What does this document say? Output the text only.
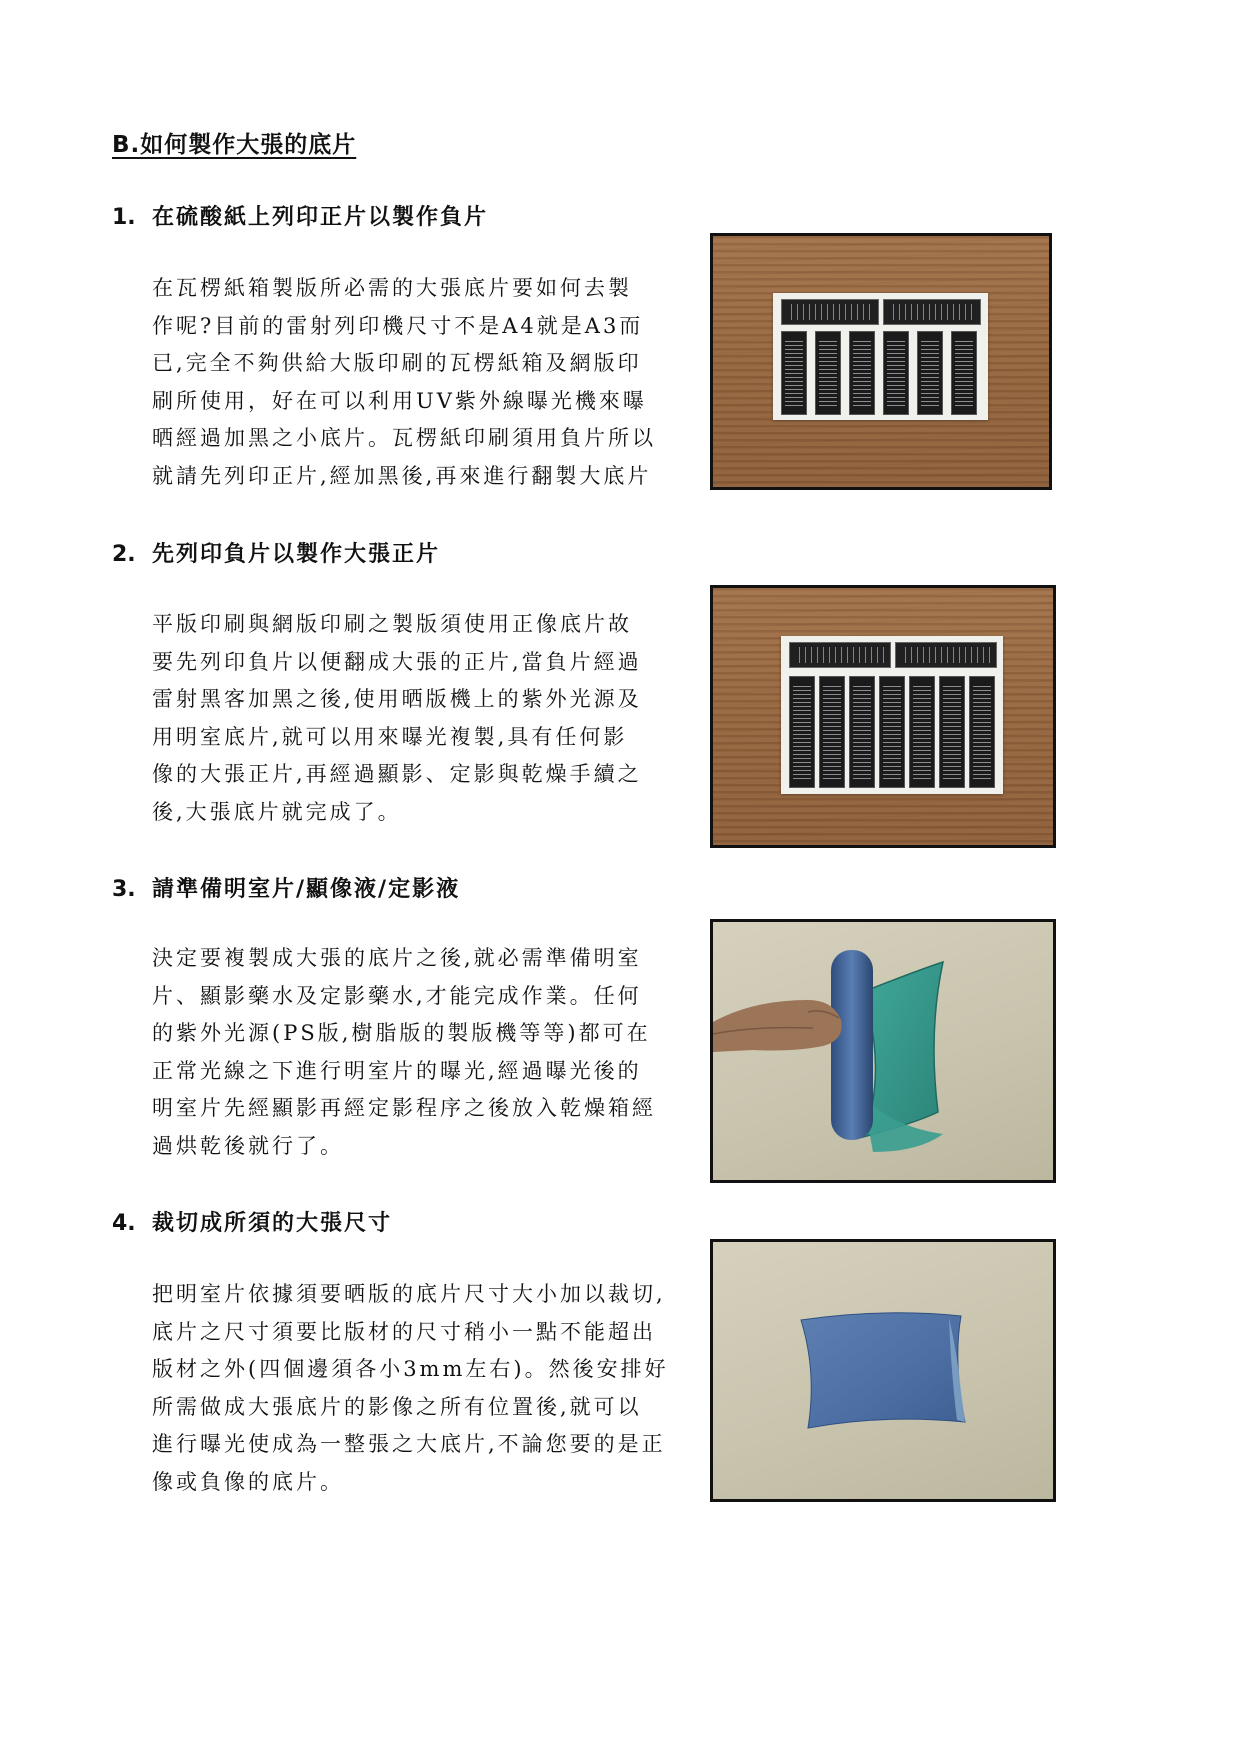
B.如何製作大張的底片
1. 在硫酸紙上列印正片以製作負片

在瓦楞紙箱製版所必需的大張底片要如何去製
作呢?目前的雷射列印機尺寸不是A4就是A3而
已,完全不夠供給大版印刷的瓦楞紙箱及網版印
刷所使用，好在可以利用UV紫外線曝光機來曝
晒經過加黑之小底片。瓦楞紙印刷須用負片所以
就請先列印正片,經加黑後,再來進行翻製大底片

2. 先列印負片以製作大張正片

平版印刷與網版印刷之製版須使用正像底片故
要先列印負片以便翻成大張的正片,當負片經過
雷射黑客加黑之後,使用晒版機上的紫外光源及
用明室底片,就可以用來曝光複製,具有任何影
像的大張正片,再經過顯影、定影與乾燥手續之
後,大張底片就完成了。

3. 請準備明室片/顯像液/定影液

決定要複製成大張的底片之後,就必需準備明室
片、顯影藥水及定影藥水,才能完成作業。任何
的紫外光源(PS版,樹脂版的製版機等等)都可在
正常光線之下進行明室片的曝光,經過曝光後的
明室片先經顯影再經定影程序之後放入乾燥箱經
過烘乾後就行了。

4. 裁切成所須的大張尺寸

把明室片依據須要晒版的底片尺寸大小加以裁切,
底片之尺寸須要比版材的尺寸稍小一點不能超出
版材之外(四個邊須各小3mm左右)。然後安排好
所需做成大張底片的影像之所有位置後,就可以
進行曝光使成為一整張之大底片,不論您要的是正
像或負像的底片。
